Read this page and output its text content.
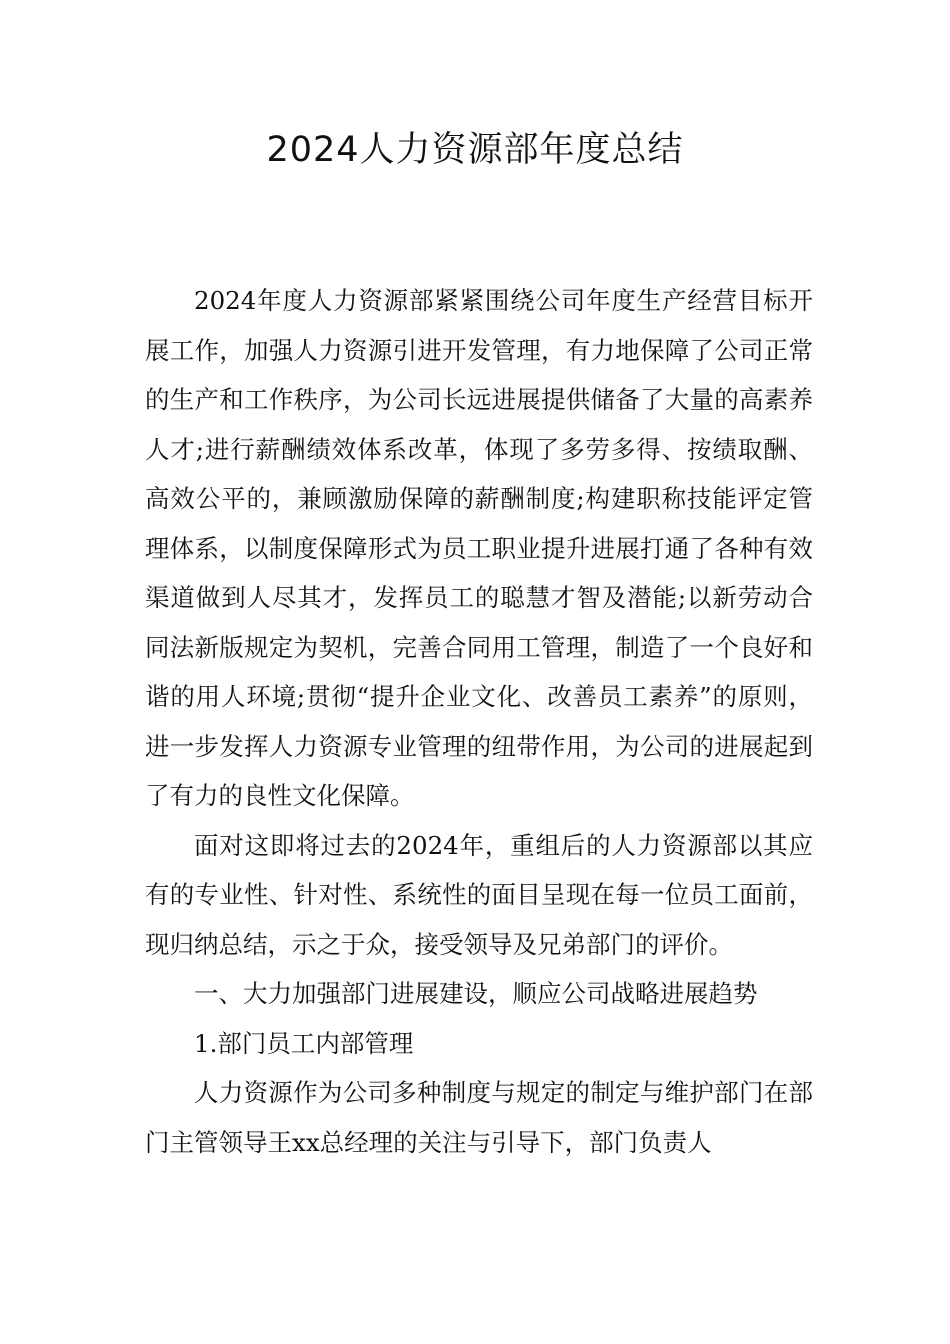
2024人力资源部年度总结

2024年度人力资源部紧紧围绕公司年度生产经营目标开展工作，加强人力资源引进开发管理，有力地保障了公司正常的生产和工作秩序，为公司长远进展提供储备了大量的高素养人才;进行薪酬绩效体系改革，体现了多劳多得、按绩取酬、高效公平的，兼顾激励保障的薪酬制度;构建职称技能评定管理体系，以制度保障形式为员工职业提升进展打通了各种有效渠道做到人尽其才，发挥员工的聪慧才智及潜能;以新劳动合同法新版规定为契机，完善合同用工管理，制造了一个良好和谐的用人环境;贯彻“提升企业文化、改善员工素养”的原则，进一步发挥人力资源专业管理的纽带作用，为公司的进展起到了有力的良性文化保障。

面对这即将过去的2024年，重组后的人力资源部以其应有的专业性、针对性、系统性的面目呈现在每一位员工面前，现归纳总结，示之于众，接受领导及兄弟部门的评价。

一、大力加强部门进展建设，顺应公司战略进展趋势

1.部门员工内部管理

人力资源作为公司多种制度与规定的制定与维护部门在部门主管领导王xx总经理的关注与引导下，部门负责人
